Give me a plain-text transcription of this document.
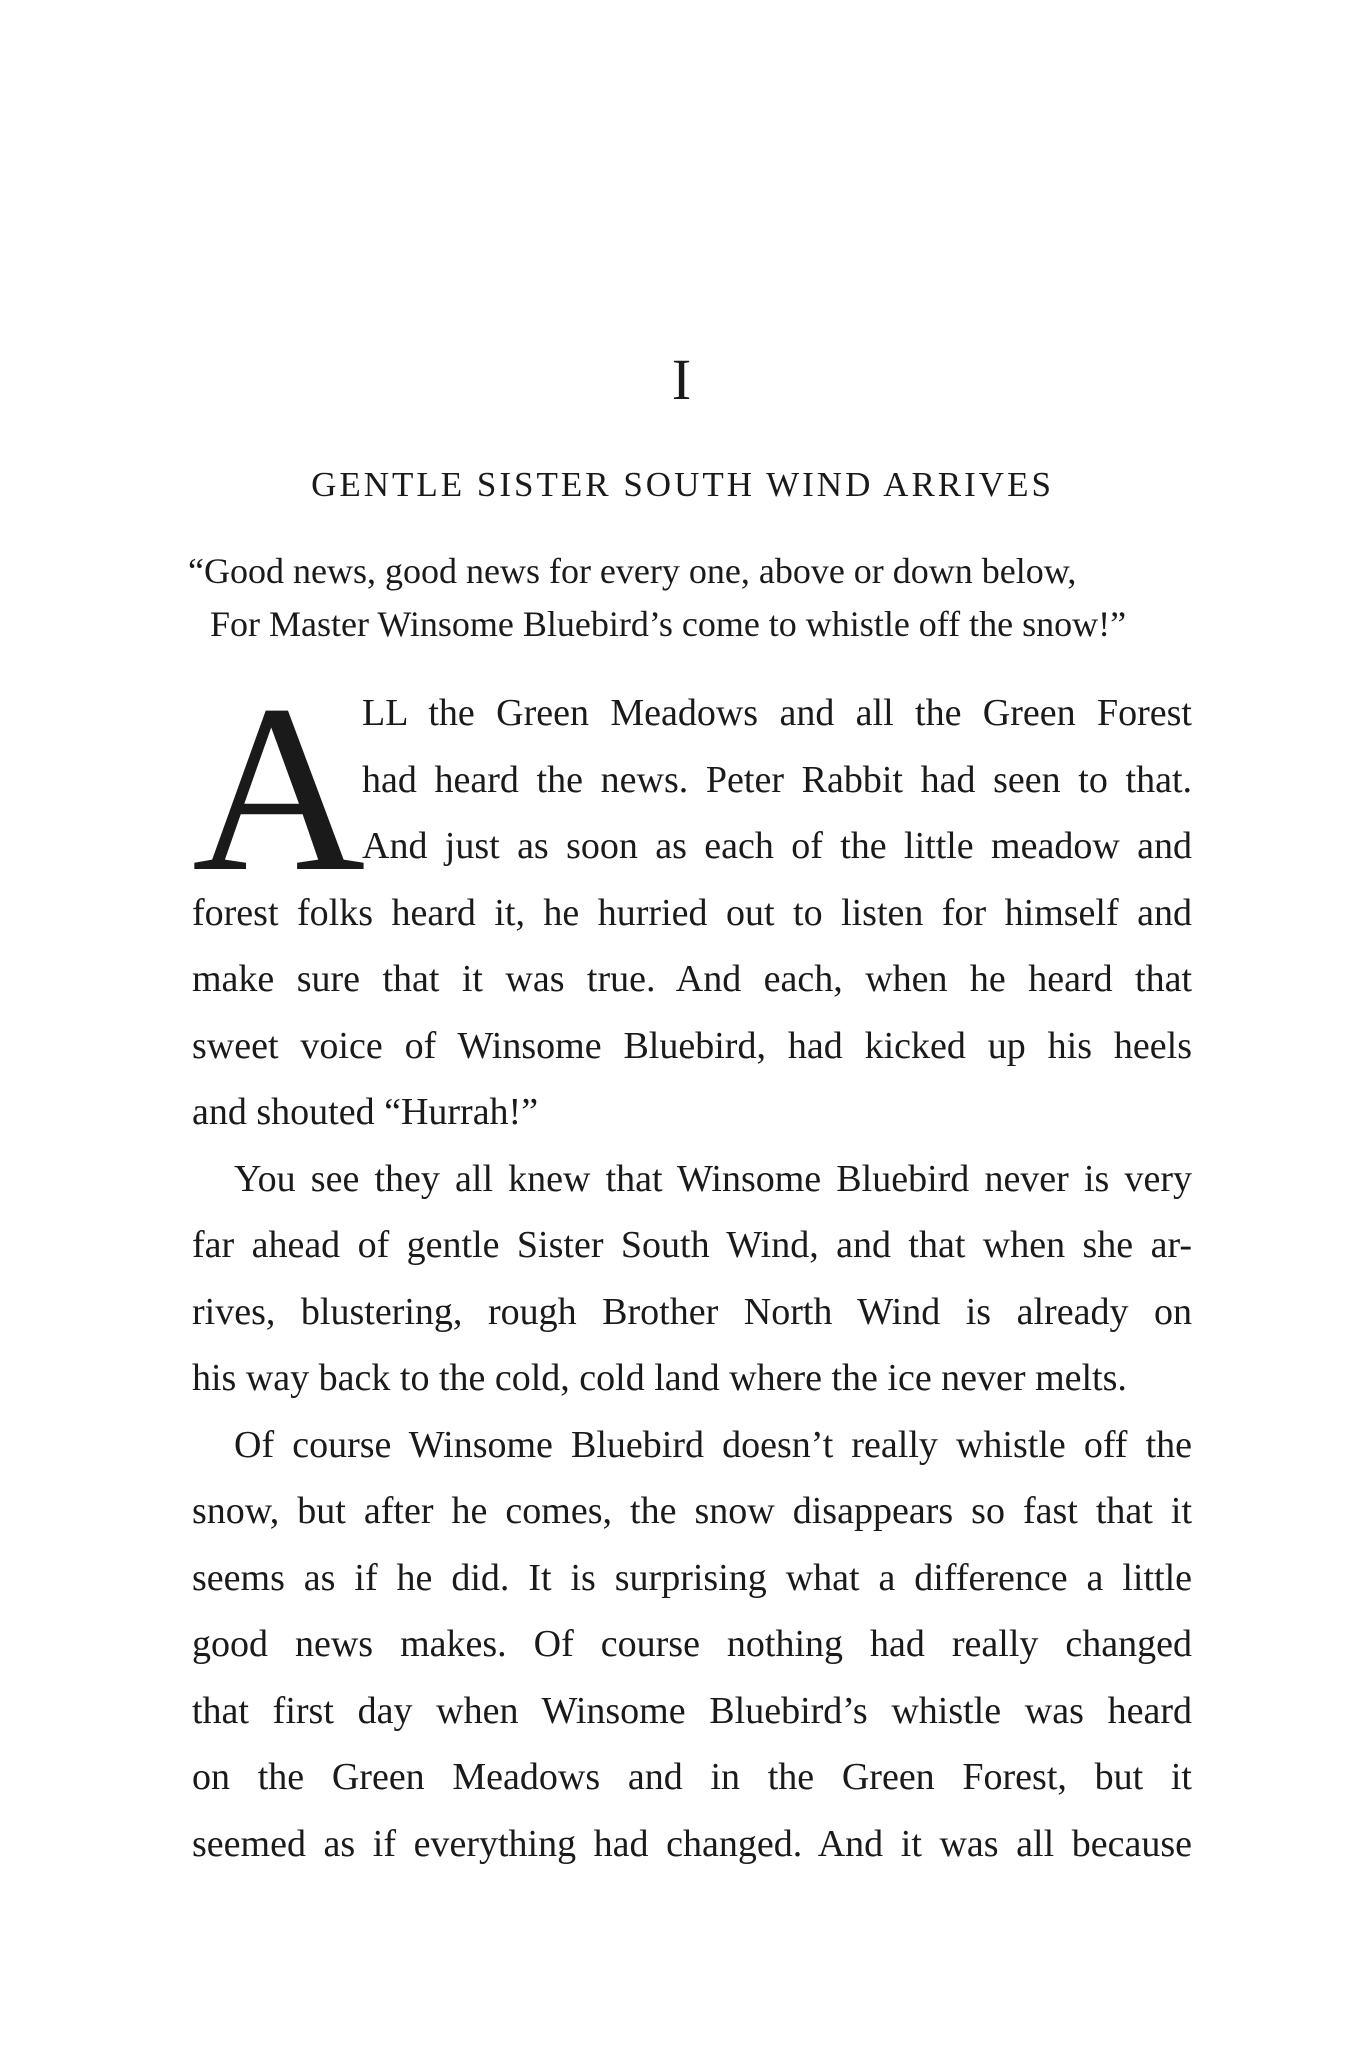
I
GENTLE SISTER SOUTH WIND ARRIVES
“Good news, good news for every one, above or down below,
For Master Winsome Bluebird’s come to whistle off the snow!”
A
LL the Green Meadows and all the Green Forest
had heard the news. Peter Rabbit had seen to that.
And just as soon as each of the little meadow and
forest folks heard it, he hurried out to listen for himself and
make sure that it was true. And each, when he heard that
sweet voice of Winsome Bluebird, had kicked up his heels
and shouted “Hurrah!”
You see they all knew that Winsome Bluebird never is very
far ahead of gentle Sister South Wind, and that when she ar-
rives, blustering, rough Brother North Wind is already on
his way back to the cold, cold land where the ice never melts.
Of course Winsome Bluebird doesn’t really whistle off the
snow, but after he comes, the snow disappears so fast that it
seems as if he did. It is surprising what a difference a little
good news makes. Of course nothing had really changed
that first day when Winsome Bluebird’s whistle was heard
on the Green Meadows and in the Green Forest, but it
seemed as if everything had changed. And it was all because
